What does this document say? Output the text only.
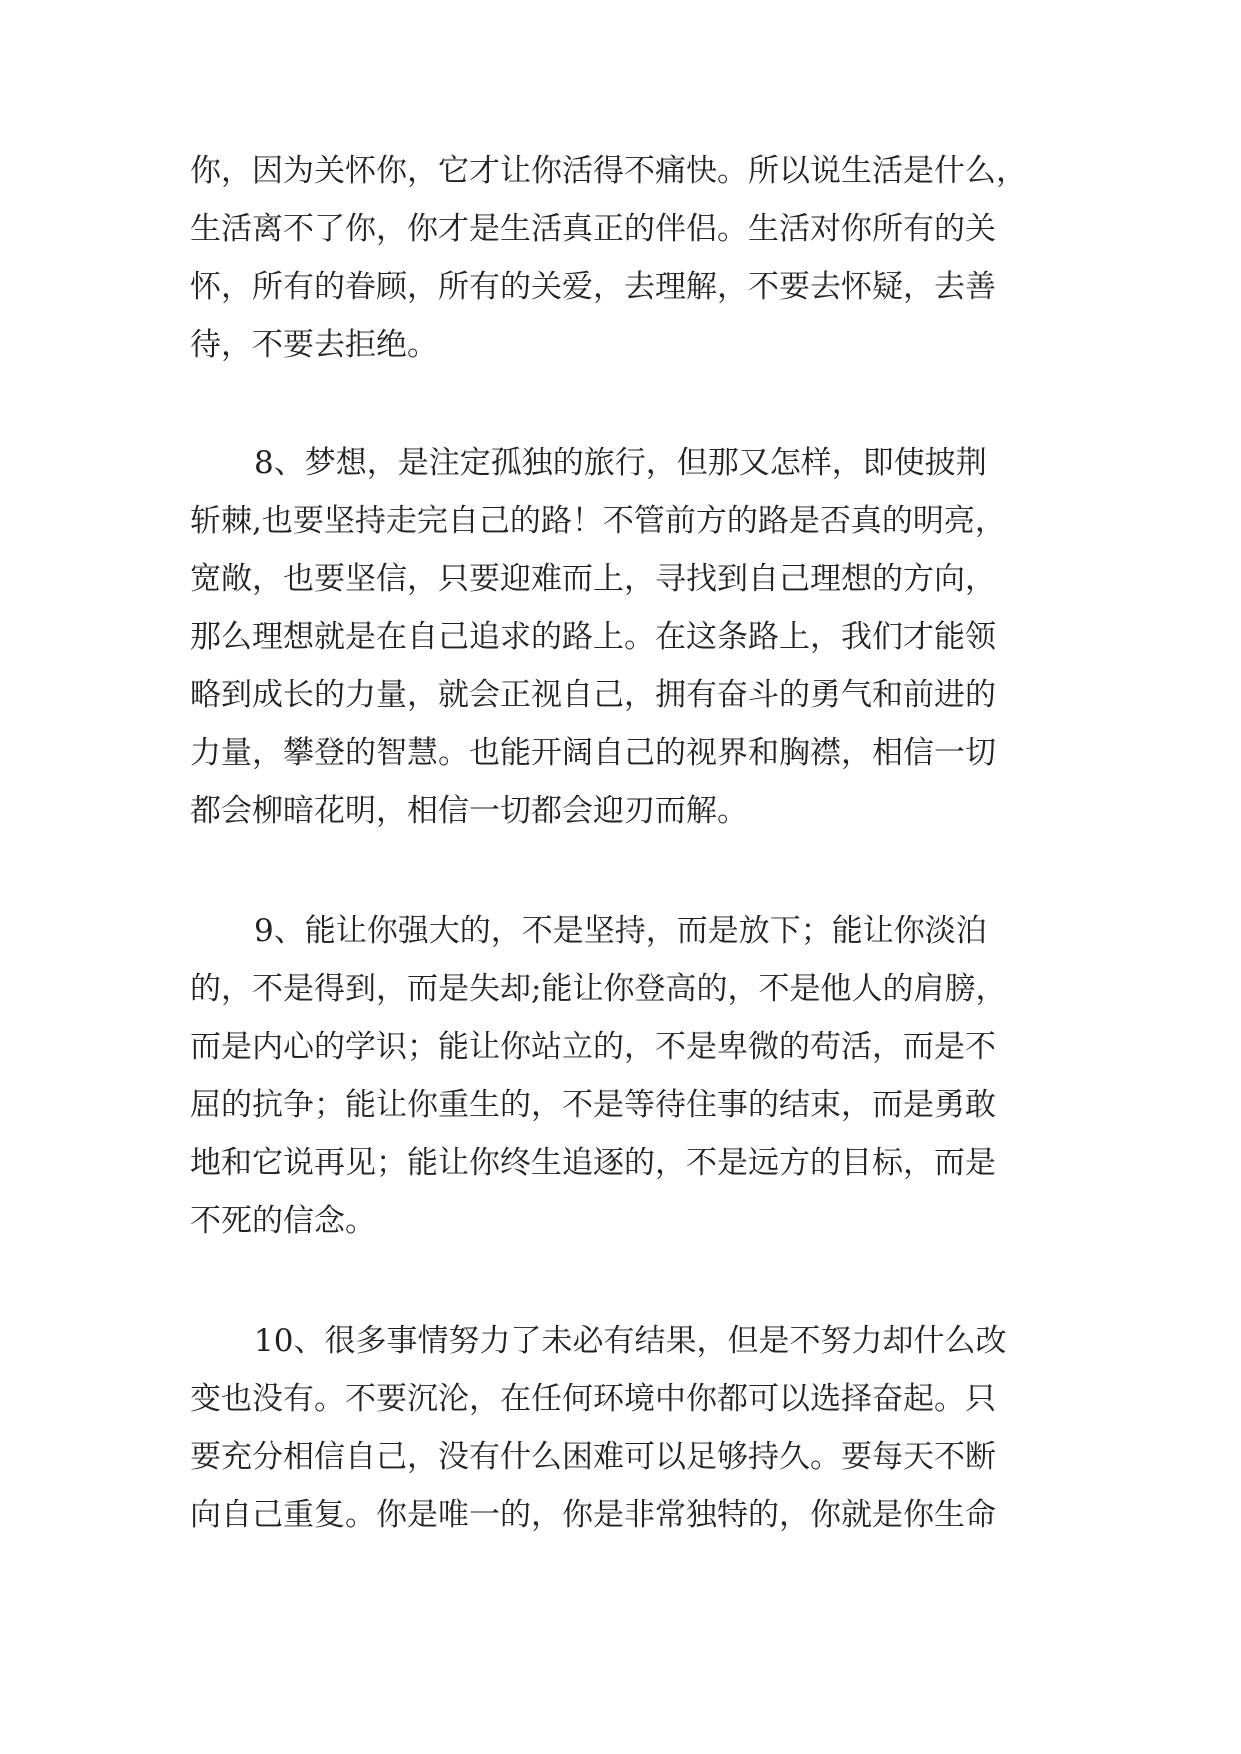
你，因为关怀你，它才让你活得不痛快。所以说生活是什么，
生活离不了你，你才是生活真正的伴侣。生活对你所有的关
怀，所有的眷顾，所有的关爱，去理解，不要去怀疑，去善
待，不要去拒绝。
8、梦想，是注定孤独的旅行，但那又怎样，即使披荆
斩棘,也要坚持走完自己的路！不管前方的路是否真的明亮，
宽敞，也要坚信，只要迎难而上，寻找到自己理想的方向，
那么理想就是在自己追求的路上。在这条路上，我们才能领
略到成长的力量，就会正视自己，拥有奋斗的勇气和前进的
力量，攀登的智慧。也能开阔自己的视界和胸襟，相信一切
都会柳暗花明，相信一切都会迎刃而解。
9、能让你强大的，不是坚持，而是放下；能让你淡泊
的，不是得到，而是失却;能让你登高的，不是他人的肩膀，
而是内心的学识；能让你站立的，不是卑微的苟活，而是不
屈的抗争；能让你重生的，不是等待住事的结束，而是勇敢
地和它说再见；能让你终生追逐的，不是远方的目标，而是
不死的信念。
10、很多事情努力了未必有结果，但是不努力却什么改
变也没有。不要沉沦，在任何环境中你都可以选择奋起。只
要充分相信自己，没有什么困难可以足够持久。要每天不断
向自己重复。你是唯一的，你是非常独特的，你就是你生命
